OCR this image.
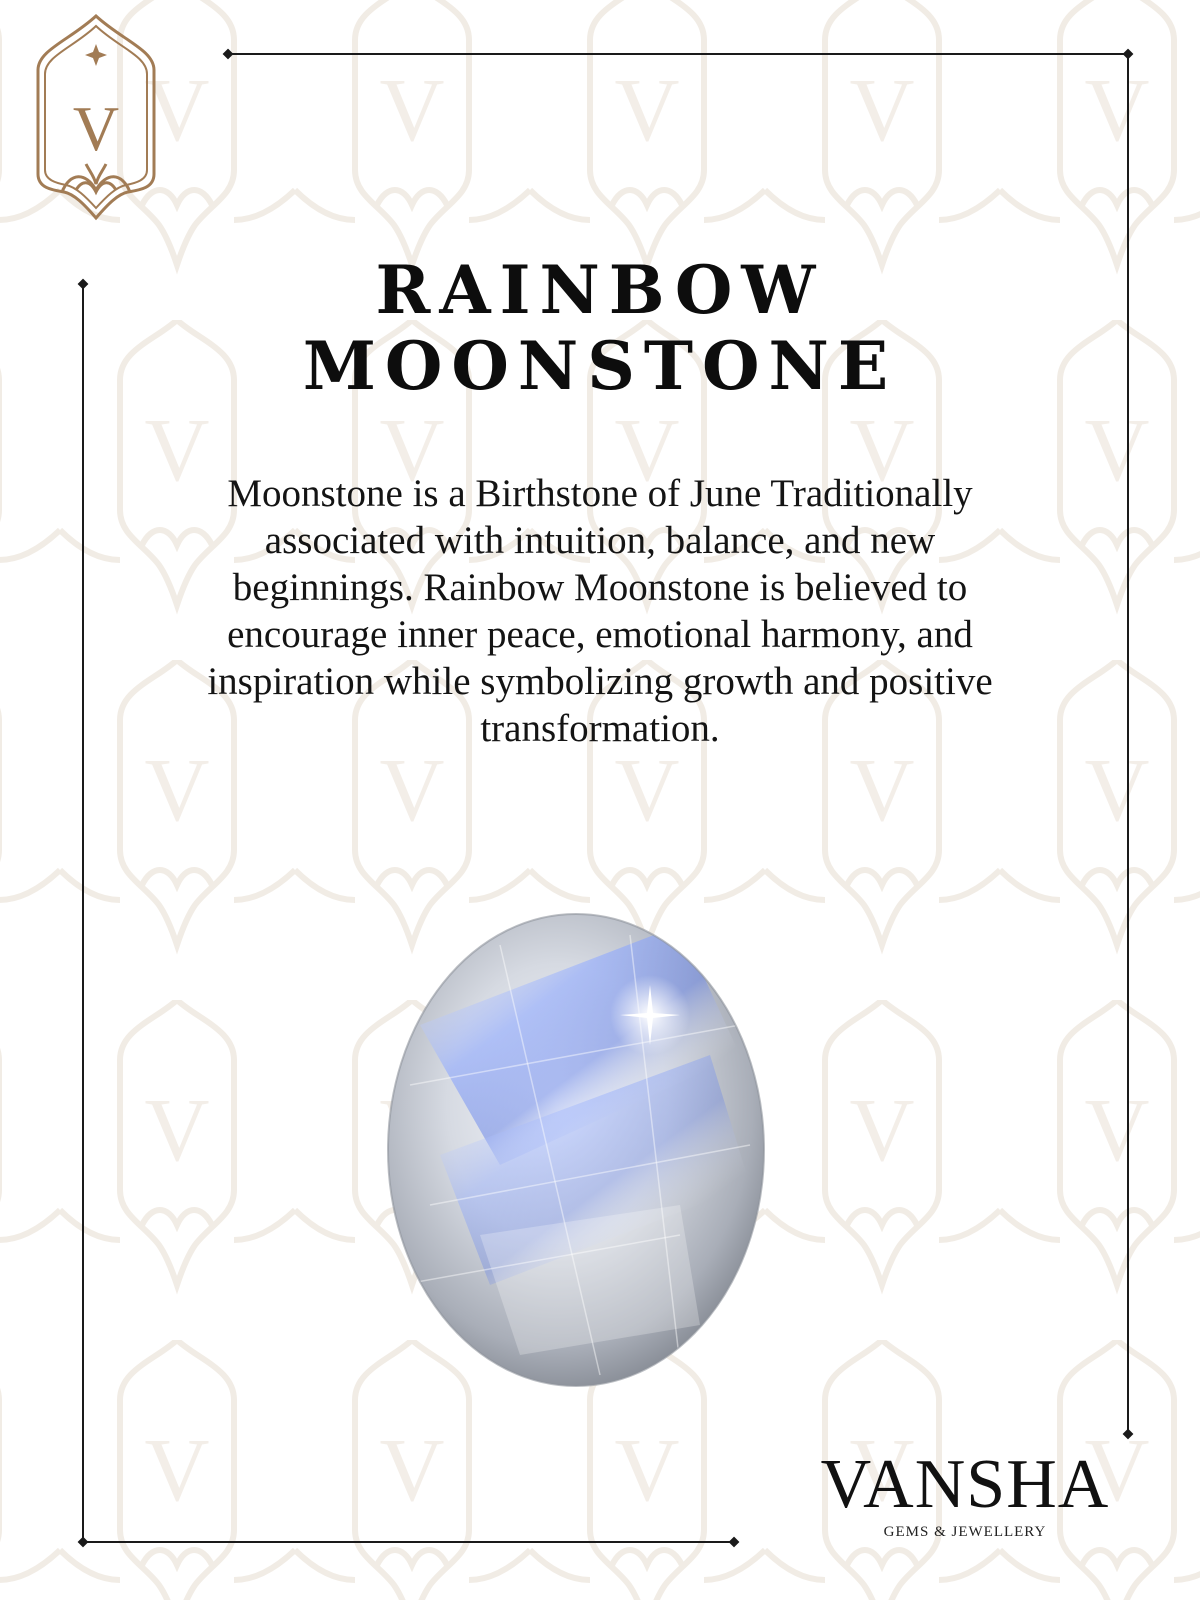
V
RAINBOW
MOONSTONE

Moonstone is a Birthstone of June Traditionally associated with intuition, balance, and new beginnings. Rainbow Moonstone is believed to encourage inner peace, emotional harmony, and inspiration while symbolizing growth and positive transformation.

VANSHA
GEMS & JEWELLERY
